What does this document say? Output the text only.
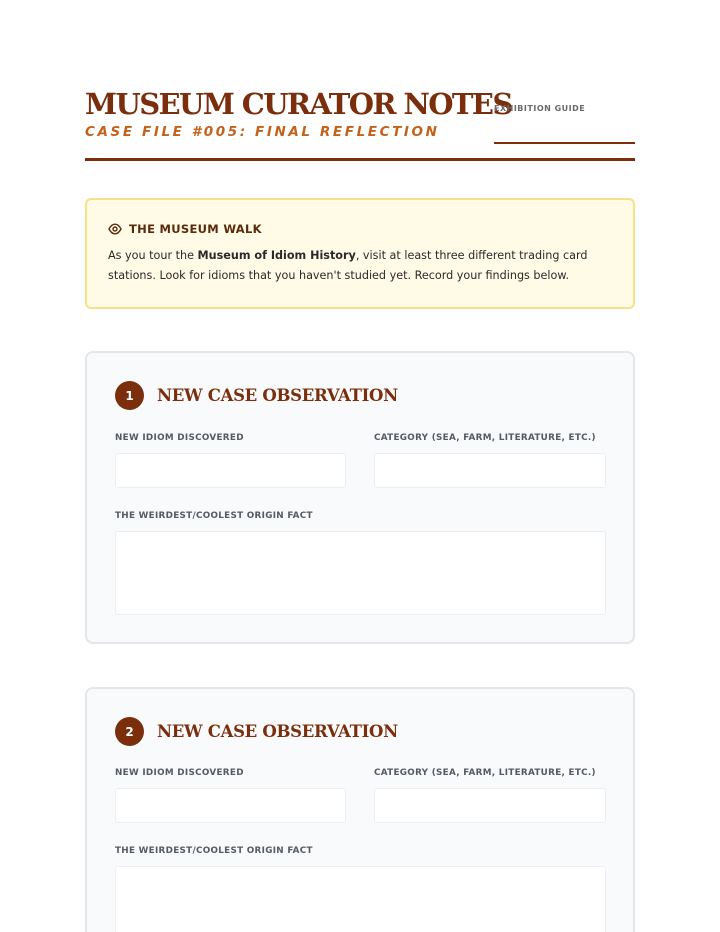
MUSEUM CURATOR NOTES
EXHIBITION GUIDE
CASE FILE #005: FINAL REFLECTION
THE MUSEUM WALK
As you tour the Museum of Idiom History, visit at least three different trading card stations. Look for idioms that you haven't studied yet. Record your findings below.
1	NEW CASE OBSERVATION
NEW IDIOM DISCOVERED	CATEGORY (SEA, FARM, LITERATURE, ETC.)
THE WEIRDEST/COOLEST ORIGIN FACT
2	NEW CASE OBSERVATION
NEW IDIOM DISCOVERED	CATEGORY (SEA, FARM, LITERATURE, ETC.)
THE WEIRDEST/COOLEST ORIGIN FACT
